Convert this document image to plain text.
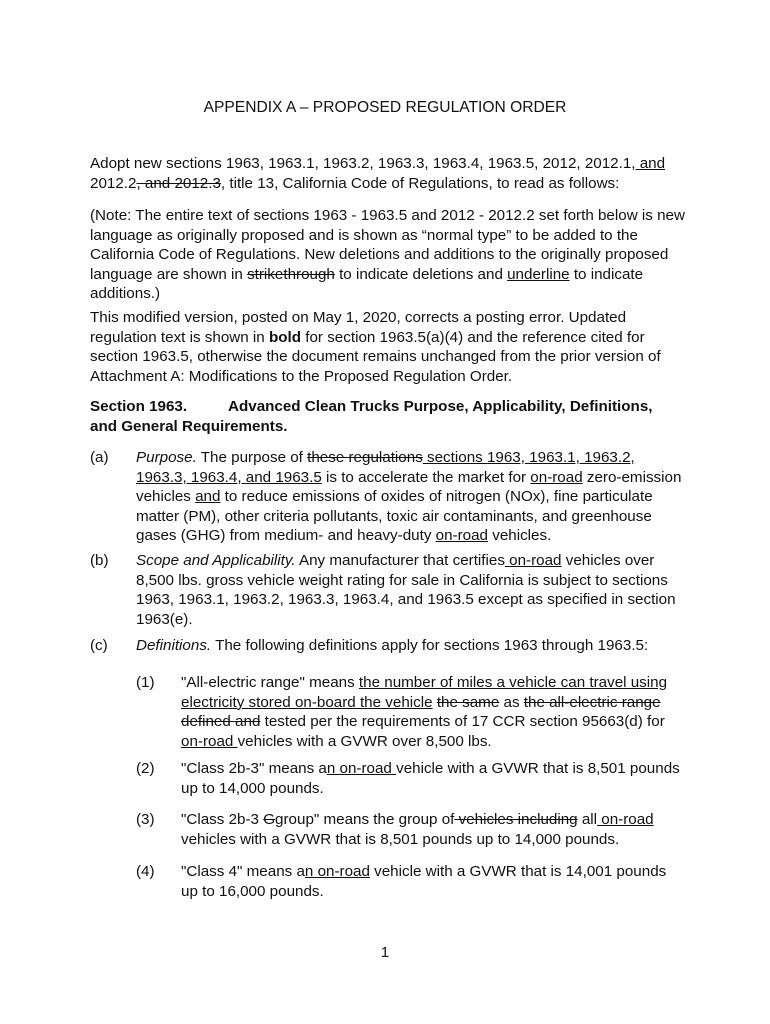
APPENDIX A – PROPOSED REGULATION ORDER
Adopt new sections 1963, 1963.1, 1963.2, 1963.3, 1963.4, 1963.5, 2012, 2012.1, and
2012.2, and 2012.3, title 13, California Code of Regulations, to read as follows:
(Note: The entire text of sections 1963 - 1963.5 and 2012 - 2012.2 set forth below is new language as originally proposed and is shown as “normal type” to be added to the California Code of Regulations. New deletions and additions to the originally proposed language are shown in strikethrough to indicate deletions and underline to indicate additions.)
This modified version, posted on May 1, 2020, corrects a posting error. Updated regulation text is shown in bold for section 1963.5(a)(4) and the reference cited for section 1963.5, otherwise the document remains unchanged from the prior version of Attachment A: Modifications to the Proposed Regulation Order.
Section 1963.	Advanced Clean Trucks Purpose, Applicability, Definitions,
and General Requirements.
(a) Purpose. The purpose of these regulations sections 1963, 1963.1, 1963.2, 1963.3, 1963.4, and 1963.5 is to accelerate the market for on-road zero-emission vehicles and to reduce emissions of oxides of nitrogen (NOx), fine particulate matter (PM), other criteria pollutants, toxic air contaminants, and greenhouse gases (GHG) from medium- and heavy-duty on-road vehicles.
(b) Scope and Applicability. Any manufacturer that certifies on-road vehicles over 8,500 lbs. gross vehicle weight rating for sale in California is subject to sections 1963, 1963.1, 1963.2, 1963.3, 1963.4, and 1963.5 except as specified in section 1963(e).
(c) Definitions. The following definitions apply for sections 1963 through 1963.5:
(1) "All-electric range" means the number of miles a vehicle can travel using electricity stored on-board the vehicle the same as the all-electric range defined and tested per the requirements of 17 CCR section 95663(d) for on-road vehicles with a GVWR over 8,500 lbs.
(2) "Class 2b-3" means an on-road vehicle with a GVWR that is 8,501 pounds up to 14,000 pounds.
(3) "Class 2b-3 Ggroup" means the group of vehicles including all on-road vehicles with a GVWR that is 8,501 pounds up to 14,000 pounds.
(4) "Class 4" means an on-road vehicle with a GVWR that is 14,001 pounds up to 16,000 pounds.
1
